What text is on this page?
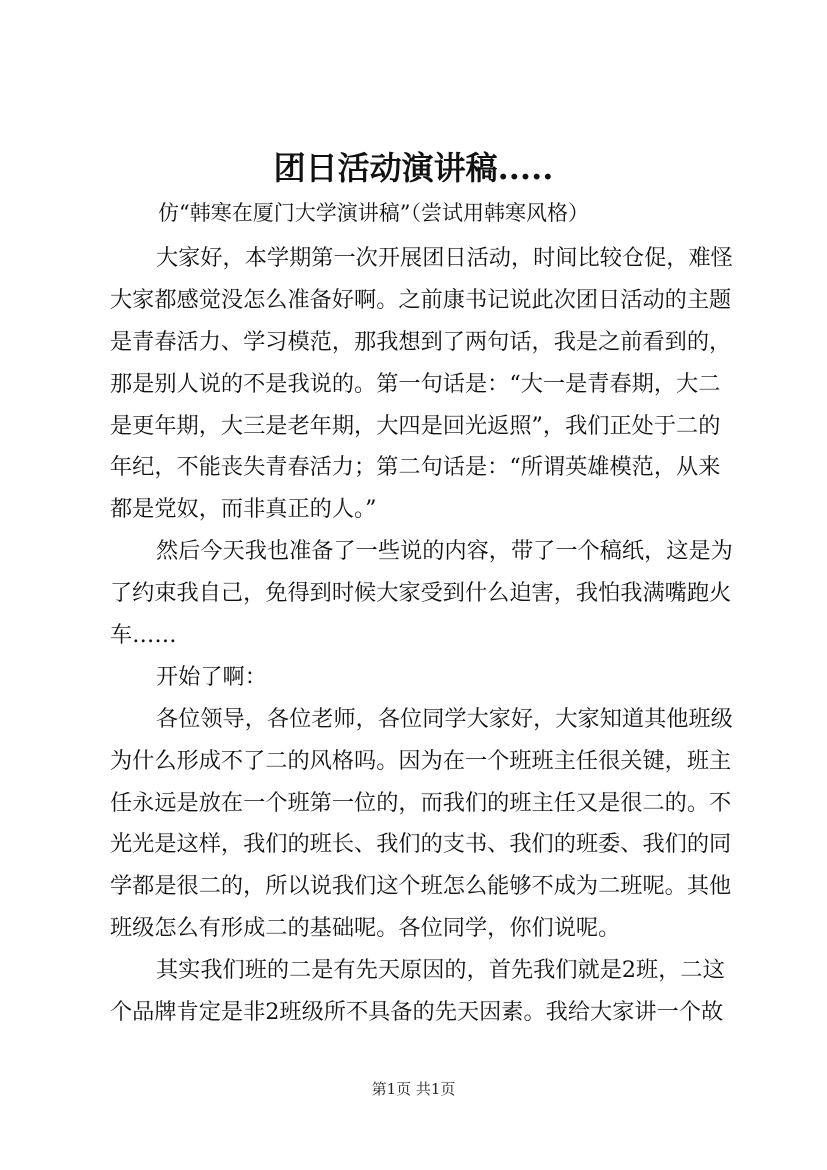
团日活动演讲稿.....
仿“韩寒在厦门大学演讲稿”（尝试用韩寒风格）
大家好，本学期第一次开展团日活动，时间比较仓促，难怪
大家都感觉没怎么准备好啊。之前康书记说此次团日活动的主题
是青春活力、学习模范，那我想到了两句话，我是之前看到的，
那是别人说的不是我说的。第一句话是：“大一是青春期，大二
是更年期，大三是老年期，大四是回光返照”，我们正处于二的
年纪，不能丧失青春活力；第二句话是：“所谓英雄模范，从来
都是党奴，而非真正的人。”
然后今天我也准备了一些说的内容，带了一个稿纸，这是为
了约束我自己，免得到时候大家受到什么迫害，我怕我满嘴跑火
车……
开始了啊：
各位领导，各位老师，各位同学大家好，大家知道其他班级
为什么形成不了二的风格吗。因为在一个班班主任很关键，班主
任永远是放在一个班第一位的，而我们的班主任又是很二的。不
光光是这样，我们的班长、我们的支书、我们的班委、我们的同
学都是很二的，所以说我们这个班怎么能够不成为二班呢。其他
班级怎么有形成二的基础呢。各位同学，你们说呢。
其实我们班的二是有先天原因的，首先我们就是2班，二这
个品牌肯定是非2班级所不具备的先天因素。我给大家讲一个故
第1页 共1页
